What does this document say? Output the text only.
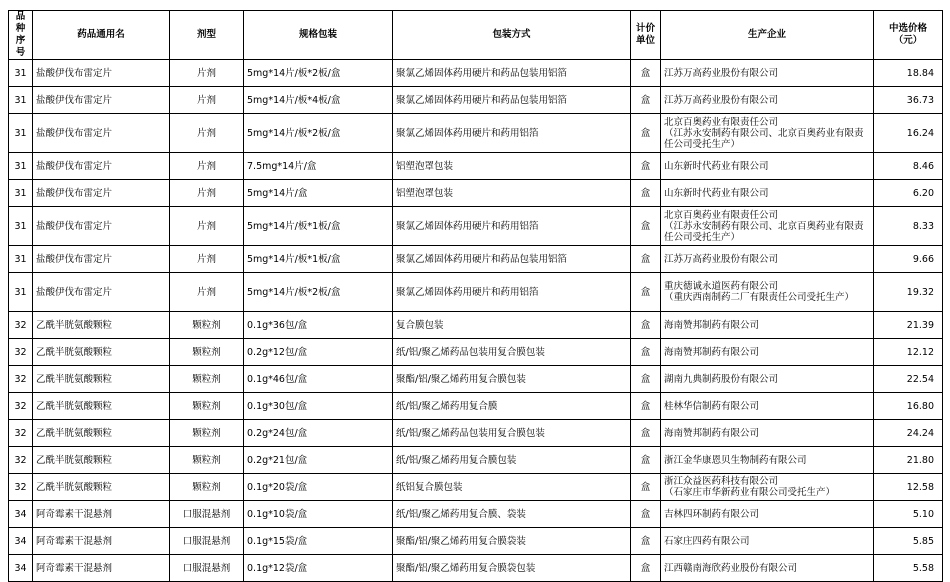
品种 序号	药品通用名	剂型	规格包装	包装方式	计价 单位	生产企业	中选价格 （元）
31	盐酸伊伐布雷定片	片剂	5mg*14片/板*2板/盒	聚氯乙烯固体药用硬片和药品包装用铝箔	盒	江苏万高药业股份有限公司	18.84
31	盐酸伊伐布雷定片	片剂	5mg*14片/板*4板/盒	聚氯乙烯固体药用硬片和药品包装用铝箔	盒	江苏万高药业股份有限公司	36.73
31	盐酸伊伐布雷定片	片剂	5mg*14片/板*2板/盒	聚氯乙烯固体药用硬片和药用铝箔	盒	北京百奥药业有限责任公司
（江苏永安制药有限公司、北京百奥药业有限责任公司受托生产）	16.24
31	盐酸伊伐布雷定片	片剂	7.5mg*14片/盒	铝塑泡罩包装	盒	山东新时代药业有限公司	8.46
31	盐酸伊伐布雷定片	片剂	5mg*14片/盒	铝塑泡罩包装	盒	山东新时代药业有限公司	6.20
31	盐酸伊伐布雷定片	片剂	5mg*14片/板*1板/盒	聚氯乙烯固体药用硬片和药用铝箔	盒	北京百奥药业有限责任公司
（江苏永安制药有限公司、北京百奥药业有限责任公司受托生产）	8.33
31	盐酸伊伐布雷定片	片剂	5mg*14片/板*1板/盒	聚氯乙烯固体药用硬片和药品包装用铝箔	盒	江苏万高药业股份有限公司	9.66
31	盐酸伊伐布雷定片	片剂	5mg*14片/板*2板/盒	聚氯乙烯固体药用硬片和药用铝箔	盒	重庆德诚永道医药有限公司
（重庆西南制药二厂有限责任公司受托生产）	19.32
32	乙酰半胱氨酸颗粒	颗粒剂	0.1g*36包/盒	复合膜包装	盒	海南赞邦制药有限公司	21.39
32	乙酰半胱氨酸颗粒	颗粒剂	0.2g*12包/盒	纸/铝/聚乙烯药品包装用复合膜包装	盒	海南赞邦制药有限公司	12.12
32	乙酰半胱氨酸颗粒	颗粒剂	0.1g*46包/盒	聚酯/铝/聚乙烯药用复合膜包装	盒	湖南九典制药股份有限公司	22.54
32	乙酰半胱氨酸颗粒	颗粒剂	0.1g*30包/盒	纸/铝/聚乙烯药用复合膜	盒	桂林华信制药有限公司	16.80
32	乙酰半胱氨酸颗粒	颗粒剂	0.2g*24包/盒	纸/铝/聚乙烯药品包装用复合膜包装	盒	海南赞邦制药有限公司	24.24
32	乙酰半胱氨酸颗粒	颗粒剂	0.2g*21包/盒	纸/铝/聚乙烯药用复合膜包装	盒	浙江金华康恩贝生物制药有限公司	21.80
32	乙酰半胱氨酸颗粒	颗粒剂	0.1g*20袋/盒	纸铝复合膜包装	盒	浙江众益医药科技有限公司
（石家庄市华新药业有限公司受托生产）	12.58
34	阿奇霉素干混悬剂	口服混悬剂	0.1g*10袋/盒	纸/铝/聚乙烯药用复合膜、袋装	盒	吉林四环制药有限公司	5.10
34	阿奇霉素干混悬剂	口服混悬剂	0.1g*15袋/盒	聚酯/铝/聚乙烯药用复合膜袋装	盒	石家庄四药有限公司	5.85
34	阿奇霉素干混悬剂	口服混悬剂	0.1g*12袋/盒	聚酯/铝/聚乙烯药用复合膜袋包装	盒	江西赣南海欣药业股份有限公司	5.58
